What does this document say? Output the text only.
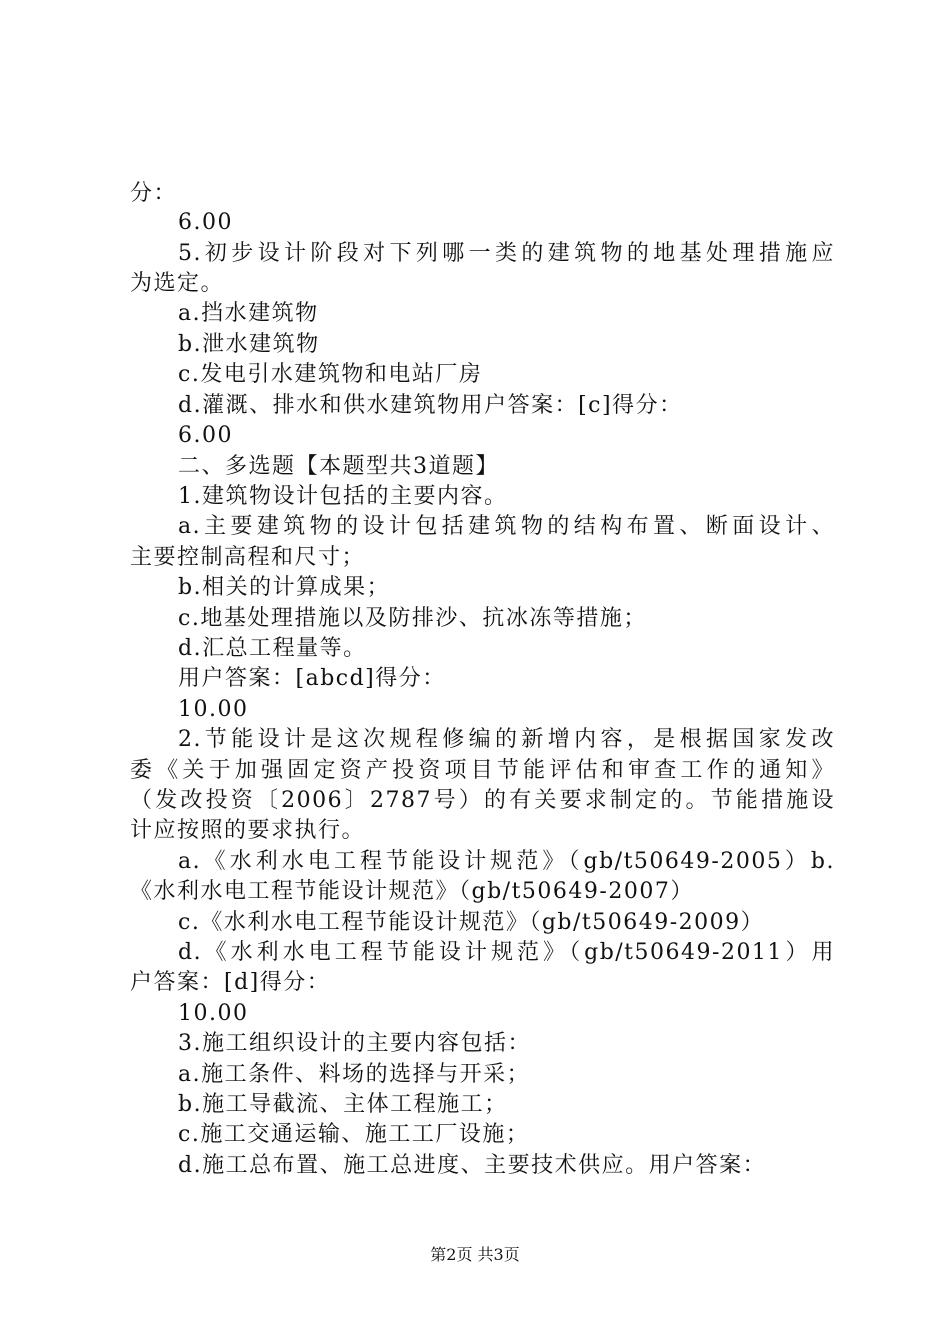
分：
6.00
5.初步设计阶段对下列哪一类的建筑物的地基处理措施应
为选定。
a.挡水建筑物
b.泄水建筑物
c.发电引水建筑物和电站厂房
d.灌溉、排水和供水建筑物用户答案：[c]得分：
6.00
二、多选题【本题型共3道题】
1.建筑物设计包括的主要内容。
a.主要建筑物的设计包括建筑物的结构布置、断面设计、
主要控制高程和尺寸；
b.相关的计算成果；
c.地基处理措施以及防排沙、抗冰冻等措施；
d.汇总工程量等。
用户答案：[abcd]得分：
10.00
2.节能设计是这次规程修编的新增内容，是根据国家发改
委《关于加强固定资产投资项目节能评估和审查工作的通知》
（发改投资〔2006〕2787号）的有关要求制定的。节能措施设
计应按照的要求执行。
a.《水利水电工程节能设计规范》（gb/t50649-2005）b.
《水利水电工程节能设计规范》（gb/t50649-2007）
c.《水利水电工程节能设计规范》（gb/t50649-2009）
d.《水利水电工程节能设计规范》（gb/t50649-2011）用
户答案：[d]得分：
10.00
3.施工组织设计的主要内容包括：
a.施工条件、料场的选择与开采；
b.施工导截流、主体工程施工；
c.施工交通运输、施工工厂设施；
d.施工总布置、施工总进度、主要技术供应。用户答案：
第2页 共3页
